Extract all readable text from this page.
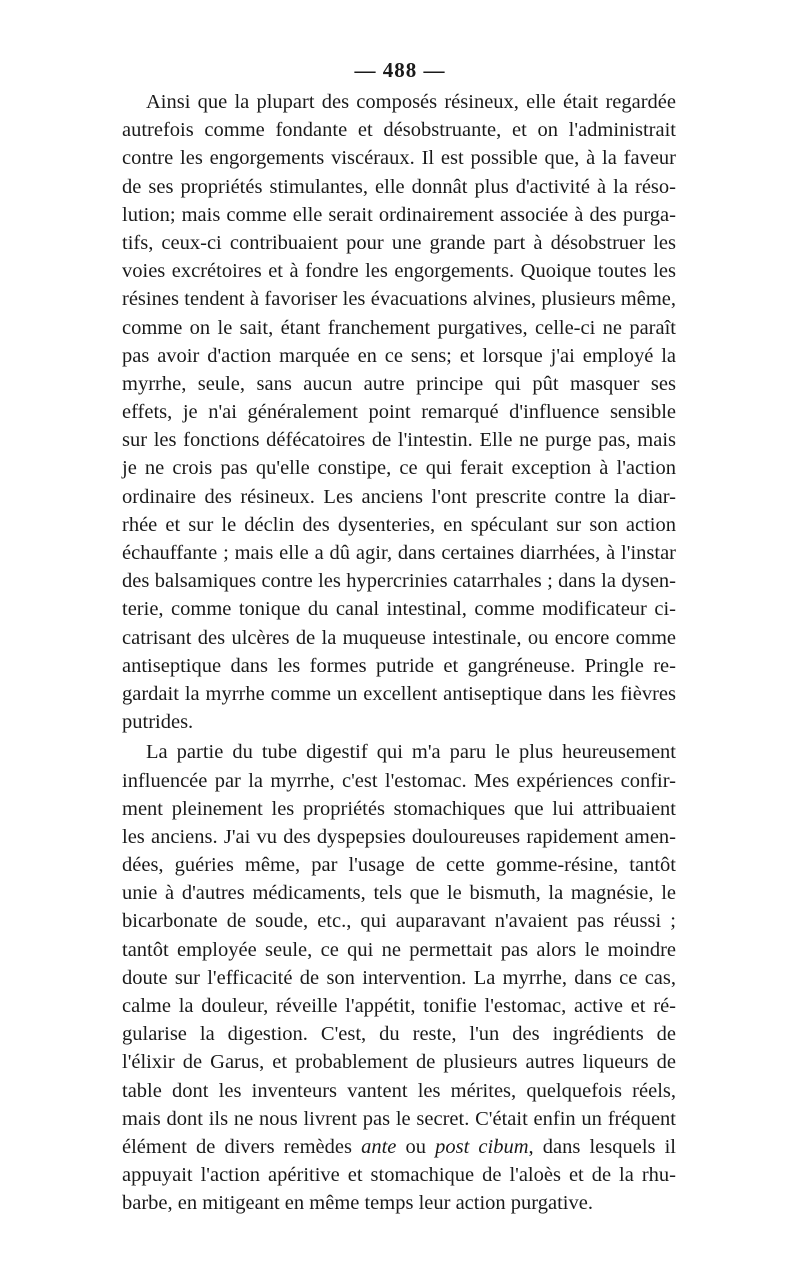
— 488 —
Ainsi que la plupart des composés résineux, elle était regardée
autrefois comme fondante et désobstruante, et on l'administrait
contre les engorgements viscéraux. Il est possible que, à la faveur
de ses propriétés stimulantes, elle donnât plus d'activité à la réso-
lution; mais comme elle serait ordinairement associée à des purga-
tifs, ceux-ci contribuaient pour une grande part à désobstruer les
voies excrétoires et à fondre les engorgements. Quoique toutes les
résines tendent à favoriser les évacuations alvines, plusieurs même,
comme on le sait, étant franchement purgatives, celle-ci ne paraît
pas avoir d'action marquée en ce sens; et lorsque j'ai employé la
myrrhe, seule, sans aucun autre principe qui pût masquer ses
effets, je n'ai généralement point remarqué d'influence sensible
sur les fonctions défécatoires de l'intestin. Elle ne purge pas, mais
je ne crois pas qu'elle constipe, ce qui ferait exception à l'action
ordinaire des résineux. Les anciens l'ont prescrite contre la diar-
rhée et sur le déclin des dysenteries, en spéculant sur son action
échauffante ; mais elle a dû agir, dans certaines diarrhées, à l'instar
des balsamiques contre les hypercrinies catarrhales ; dans la dysen-
terie, comme tonique du canal intestinal, comme modificateur ci-
catrisant des ulcères de la muqueuse intestinale, ou encore comme
antiseptique dans les formes putride et gangréneuse. Pringle re-
gardait la myrrhe comme un excellent antiseptique dans les fièvres
putrides.
La partie du tube digestif qui m'a paru le plus heureusement
influencée par la myrrhe, c'est l'estomac. Mes expériences confir-
ment pleinement les propriétés stomachiques que lui attribuaient
les anciens. J'ai vu des dyspepsies douloureuses rapidement amen-
dées, guéries même, par l'usage de cette gomme-résine, tantôt
unie à d'autres médicaments, tels que le bismuth, la magnésie, le
bicarbonate de soude, etc., qui auparavant n'avaient pas réussi ;
tantôt employée seule, ce qui ne permettait pas alors le moindre
doute sur l'efficacité de son intervention. La myrrhe, dans ce cas,
calme la douleur, réveille l'appétit, tonifie l'estomac, active et ré-
gularise la digestion. C'est, du reste, l'un des ingrédients de
l'élixir de Garus, et probablement de plusieurs autres liqueurs de
table dont les inventeurs vantent les mérites, quelquefois réels,
mais dont ils ne nous livrent pas le secret. C'était enfin un fréquent
élément de divers remèdes ante ou post cibum, dans lesquels il
appuyait l'action apéritive et stomachique de l'aloès et de la rhu-
barbe, en mitigeant en même temps leur action purgative.
